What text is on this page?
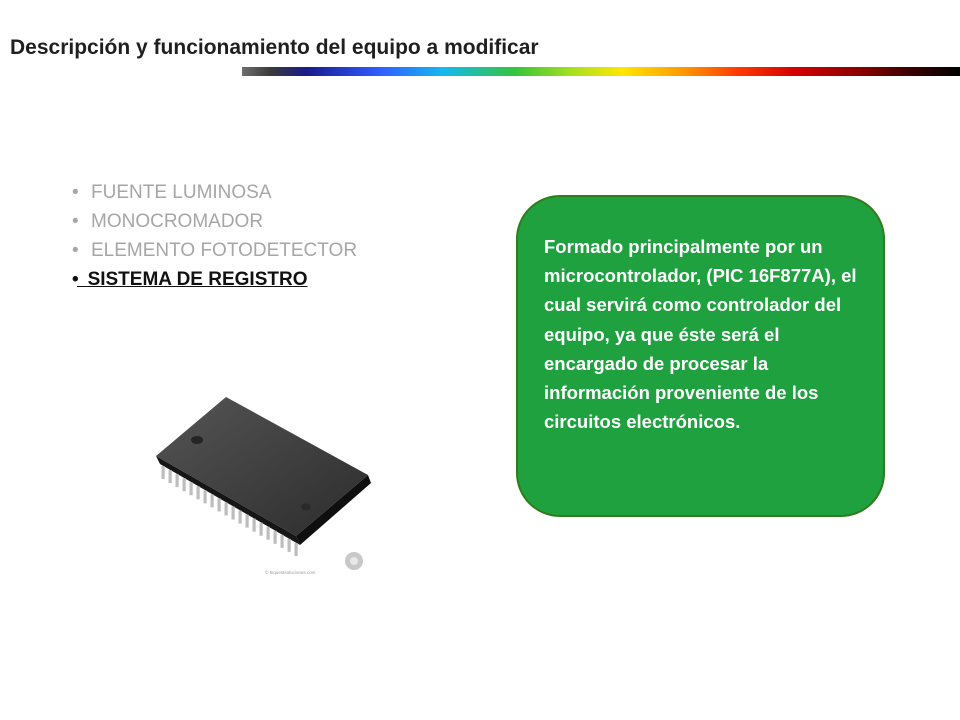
Descripción y funcionamiento del equipo a modificar
• FUENTE LUMINOSA
• MONOCROMADOR
• ELEMENTO FOTODETECTOR
• SISTEMA DE REGISTRO
© Inquestsoluciones.com

Formado principalmente por un microcontrolador, (PIC 16F877A), el cual servirá como controlador del equipo, ya que éste será el encargado de procesar la información proveniente de los circuitos electrónicos.
